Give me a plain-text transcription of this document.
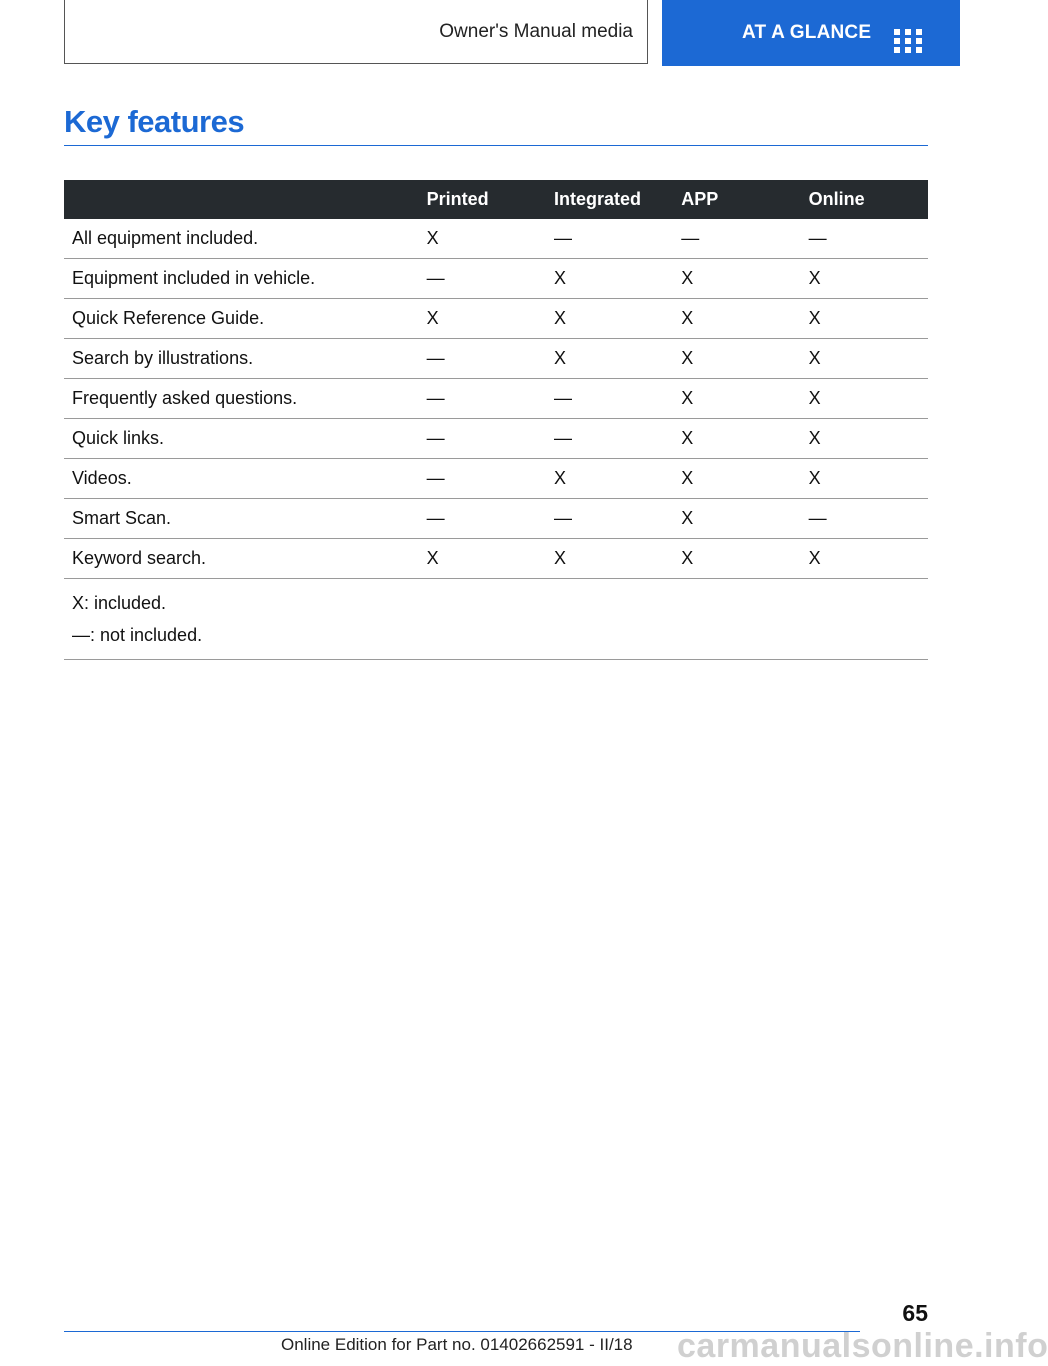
Owner's Manual media	AT A GLANCE
Key features
	Printed	Integrated	APP	Online
All equipment included.	X	—	—	—
Equipment included in vehicle.	—	X	X	X
Quick Reference Guide.	X	X	X	X
Search by illustrations.	—	X	X	X
Frequently asked questions.	—	—	X	X
Quick links.	—	—	X	X
Videos.	—	X	X	X
Smart Scan.	—	—	X	—
Keyword search.	X	X	X	X

X: included.
—: not included.				
65
Online Edition for Part no. 01402662591 - II/18 carmanualsonline.info
